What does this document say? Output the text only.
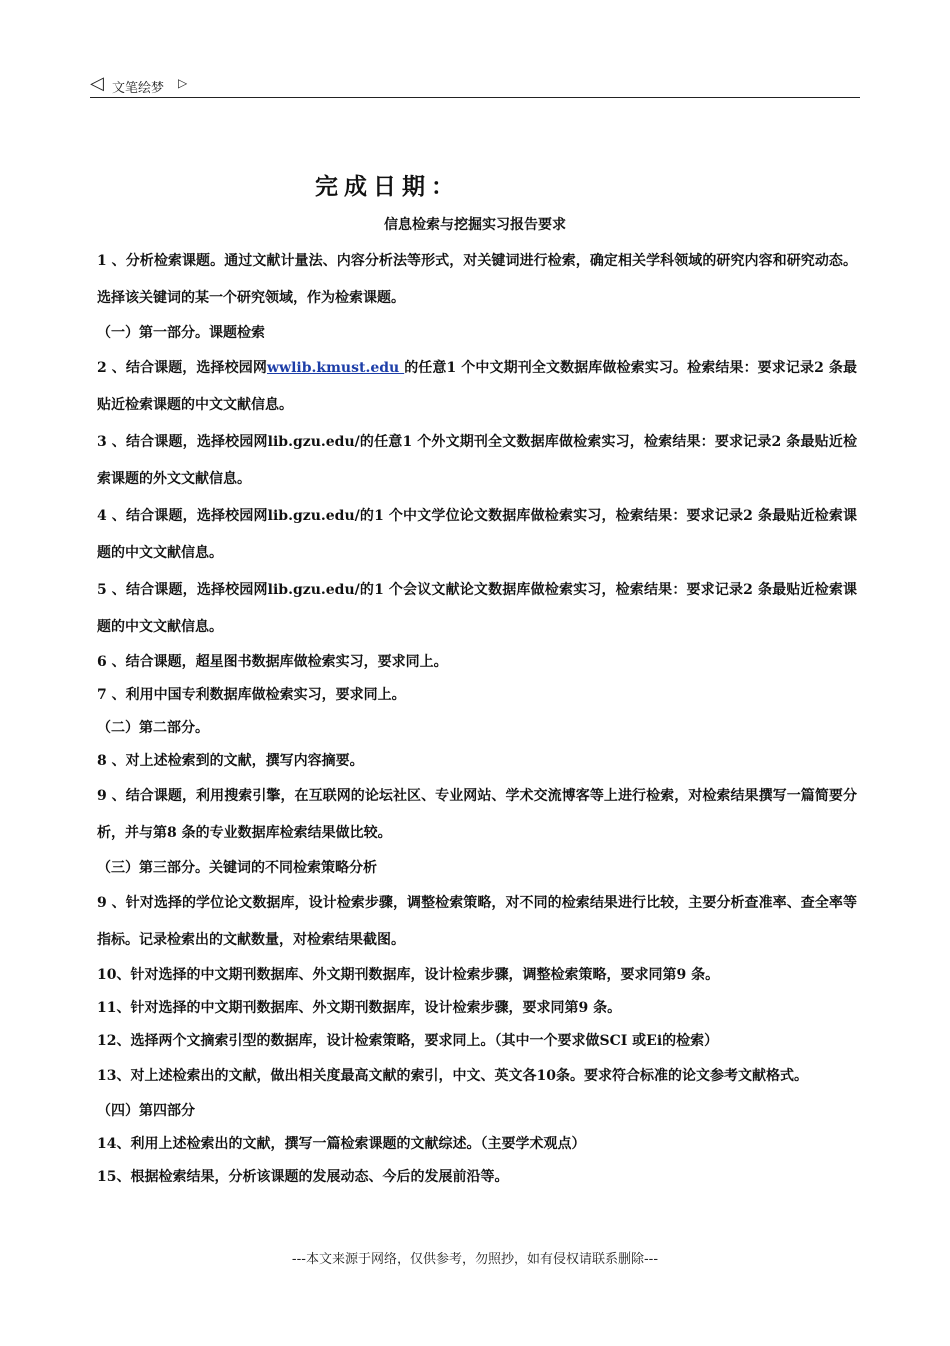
◁ 文笔绘梦 ▷
完成日期：
信息检索与挖掘实习报告要求

1 、分析检索课题。通过文献计量法、内容分析法等形式，对关键词进行检索，确定相关学科领域的研究内容和研究动态。选择该关键词的某一个研究领域，作为检索课题。

（一）第一部分。课题检索

2 、结合课题，选择校园网wwlib.kmust.edu 的任意1 个中文期刊全文数据库做检索实习。检索结果：要求记录2 条最贴近检索课题的中文文献信息。

3 、结合课题，选择校园网lib.gzu.edu/的任意1 个外文期刊全文数据库做检索实习，检索结果：要求记录2 条最贴近检索课题的外文文献信息。

4 、结合课题，选择校园网lib.gzu.edu/的1 个中文学位论文数据库做检索实习，检索结果：要求记录2 条最贴近检索课题的中文文献信息。

5 、结合课题，选择校园网lib.gzu.edu/的1 个会议文献论文数据库做检索实习，检索结果：要求记录2 条最贴近检索课题的中文文献信息。

6 、结合课题，超星图书数据库做检索实习，要求同上。

7 、利用中国专利数据库做检索实习，要求同上。

（二）第二部分。

8 、对上述检索到的文献，撰写内容摘要。

9 、结合课题，利用搜索引擎，在互联网的论坛社区、专业网站、学术交流博客等上进行检索，对检索结果撰写一篇简要分析，并与第8 条的专业数据库检索结果做比较。

（三）第三部分。关键词的不同检索策略分析

9 、针对选择的学位论文数据库，设计检索步骤，调整检索策略，对不同的检索结果进行比较，主要分析查准率、查全率等指标。记录检索出的文献数量，对检索结果截图。

10、针对选择的中文期刊数据库、外文期刊数据库，设计检索步骤，调整检索策略，要求同第9 条。

11、针对选择的中文期刊数据库、外文期刊数据库，设计检索步骤，要求同第9 条。

12、选择两个文摘索引型的数据库，设计检索策略，要求同上。（其中一个要求做SCI 或Ei的检索）

13、对上述检索出的文献，做出相关度最高文献的索引，中文、英文各10条。要求符合标准的论文参考文献格式。

（四）第四部分

14、利用上述检索出的文献，撰写一篇检索课题的文献综述。（主要学术观点）

15、根据检索结果，分析该课题的发展动态、今后的发展前沿等。

---本文来源于网络，仅供参考，勿照抄，如有侵权请联系删除---
